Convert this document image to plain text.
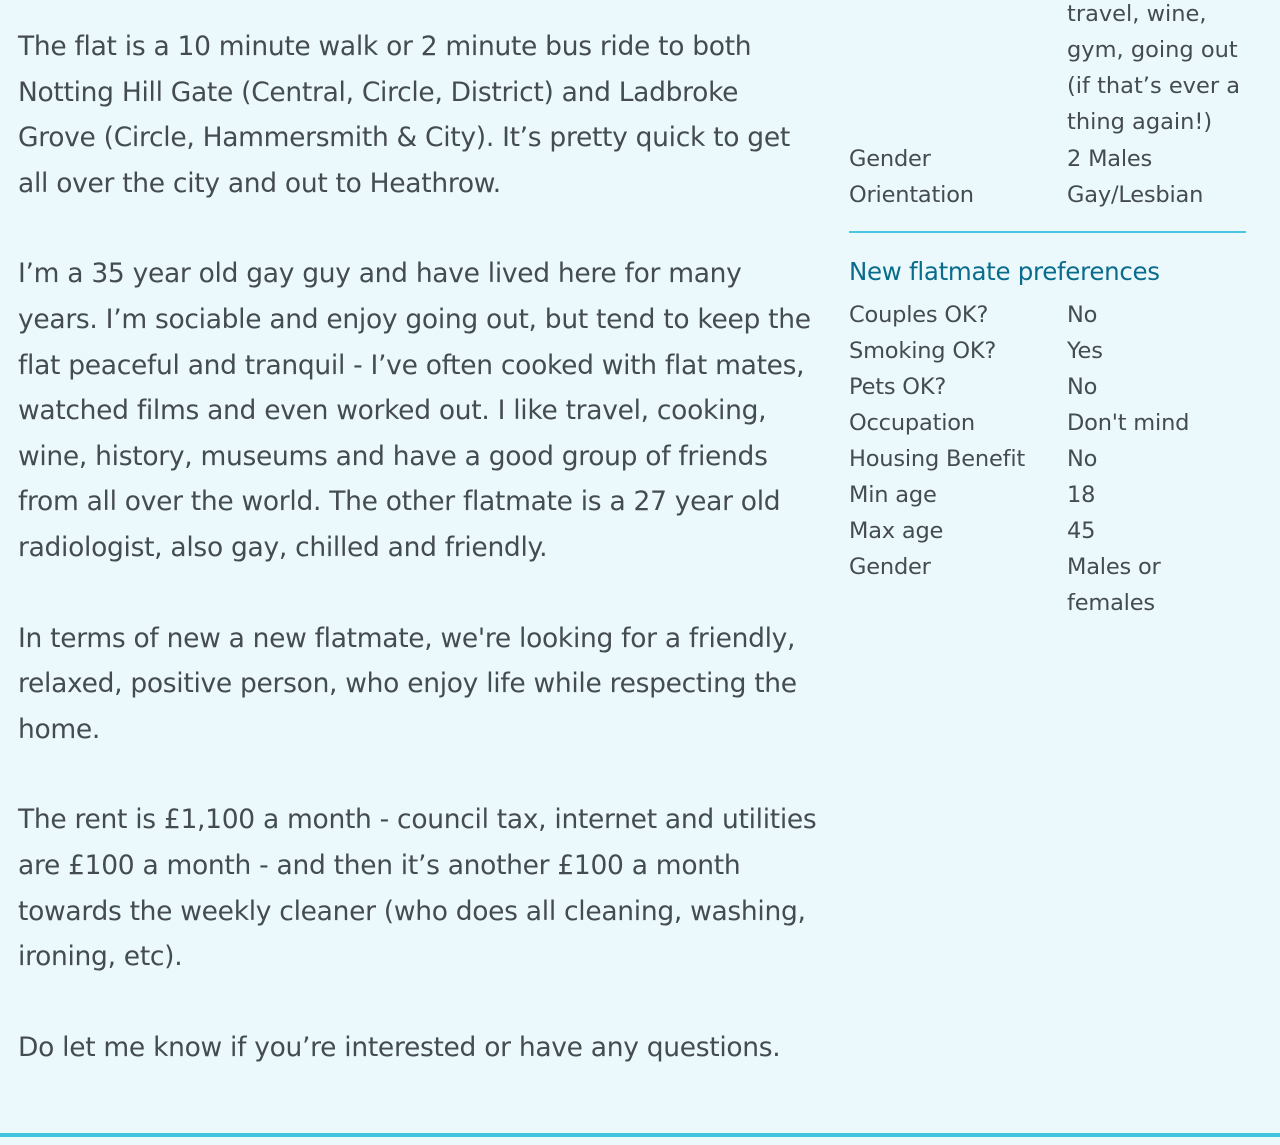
The flat is a 10 minute walk or 2 minute bus ride to both Notting Hill Gate (Central, Circle, District) and Ladbroke Grove (Circle, Hammersmith & City). It’s pretty quick to get all over the city and out to Heathrow.

I’m a 35 year old gay guy and have lived here for many years. I’m sociable and enjoy going out, but tend to keep the flat peaceful and tranquil - I’ve often cooked with flat mates, watched films and even worked out. I like travel, cooking, wine, history, museums and have a good group of friends from all over the world. The other flatmate is a 27 year old radiologist, also gay, chilled and friendly.

In terms of new a new flatmate, we're looking for a friendly, relaxed, positive person, who enjoy life while respecting the home.

The rent is £1,100 a month - council tax, internet and utilities are £100 a month - and then it’s another £100 a month towards the weekly cleaner (who does all cleaning, washing, ironing, etc).

Do let me know if you’re interested or have any questions.

travel, wine, gym, going out (if that’s ever a thing again!)
Gender	2 Males
Orientation	Gay/Lesbian
New flatmate preferences
Couples OK?	No
Smoking OK?	Yes
Pets OK?	No
Occupation	Don't mind
Housing Benefit	No
Min age	18
Max age	45
Gender	Males or females
